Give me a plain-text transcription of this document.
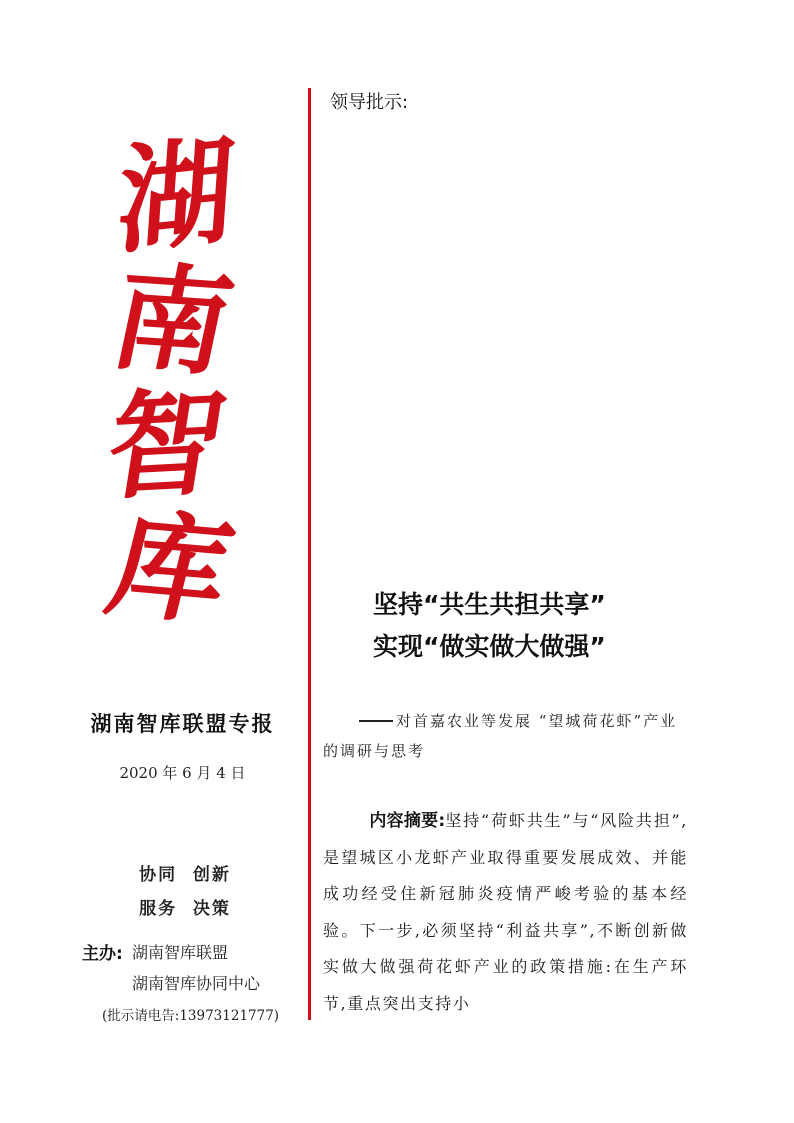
湖
南
智
库
湖南智库联盟专报
2020 年 6 月 4 日
协同  创新
服务  决策
主办: 湖南智库联盟
湖南智库协同中心
(批示请电告:13973121777)
领导批示:
坚持“共生共担共享”
实现“做实做大做强”
对首嘉农业等发展 “望城荷花虾”产业的调研与思考
内容摘要:坚持“荷虾共生”与“风险共担”,是望城区小龙虾产业取得重要发展成效、并能成功经受住新冠肺炎疫情严峻考验的基本经验。下一步,必须坚持“利益共享”,不断创新做实做大做强荷花虾产业的政策措施:在生产环节,重点突出支持小
